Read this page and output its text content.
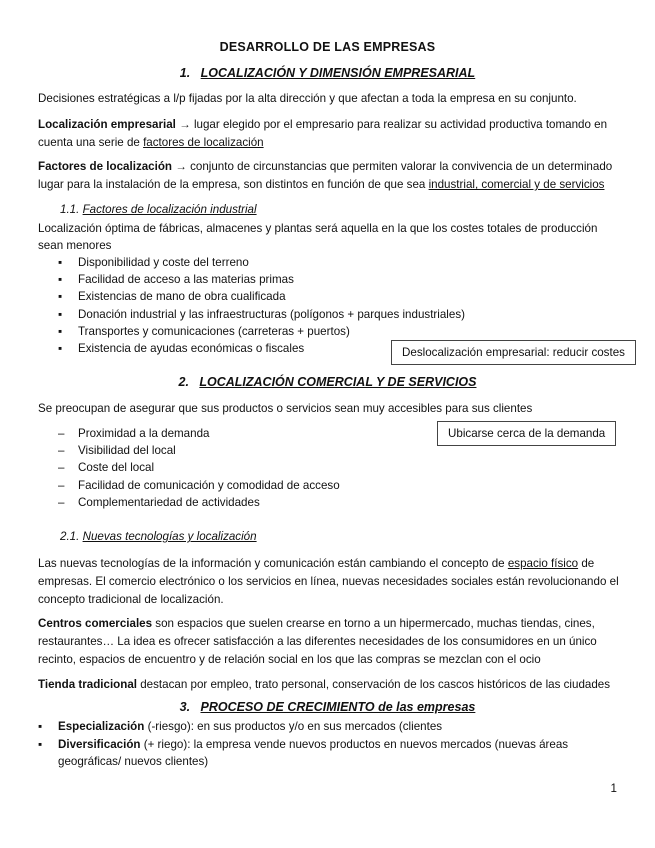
DESARROLLO DE LAS EMPRESAS
1. LOCALIZACIÓN Y DIMENSIÓN EMPRESARIAL
Decisiones estratégicas a l/p fijadas por la alta dirección y que afectan a toda la empresa en su conjunto.
Localización empresarial → lugar elegido por el empresario para realizar su actividad productiva tomando en cuenta una serie de factores de localización
Factores de localización → conjunto de circunstancias que permiten valorar la convivencia de un determinado lugar para la instalación de la empresa, son distintos en función de que sea industrial, comercial y de servicios
1.1. Factores de localización industrial
Localización óptima de fábricas, almacenes y plantas será aquella en la que los costes totales de producción sean menores
▪	Disponibilidad y coste del terreno
▪	Facilidad de acceso a las materias primas
▪	Existencias de mano de obra cualificada
▪	Donación industrial y las infraestructuras (polígonos + parques industriales)
▪	Transportes y comunicaciones (carreteras + puertos)
▪	Existencia de ayudas económicas o fiscales	Deslocalización empresarial: reducir costes
2. LOCALIZACIÓN COMERCIAL Y DE SERVICIOS
Se preocupan de asegurar que sus productos o servicios sean muy accesibles para sus clientes
–	Proximidad a la demanda
–	Visibilidad del local
–	Coste del local
–	Facilidad de comunicación y comodidad de acceso
–	Complementariedad de actividades
Ubicarse cerca de la demanda
2.1. Nuevas tecnologías y localización
Las nuevas tecnologías de la información y comunicación están cambiando el concepto de espacio físico de empresas. El comercio electrónico o los servicios en línea, nuevas necesidades sociales están revolucionando el concepto tradicional de localización.
Centros comerciales son espacios que suelen crearse en torno a un hipermercado, muchas tiendas, cines, restaurantes… La idea es ofrecer satisfacción a las diferentes necesidades de los consumidores en un único recinto, espacios de encuentro y de relación social en los que las compras se mezclan con el ocio
Tienda tradicional destacan por empleo, trato personal, conservación de los cascos históricos de las ciudades
3. PROCESO DE CRECIMIENTO de las empresas
▪ Especialización (-riesgo): en sus productos y/o en sus mercados (clientes
▪ Diversificación (+ riego): la empresa vende nuevos productos en nuevos mercados (nuevas áreas geográficas/ nuevos clientes)
1
